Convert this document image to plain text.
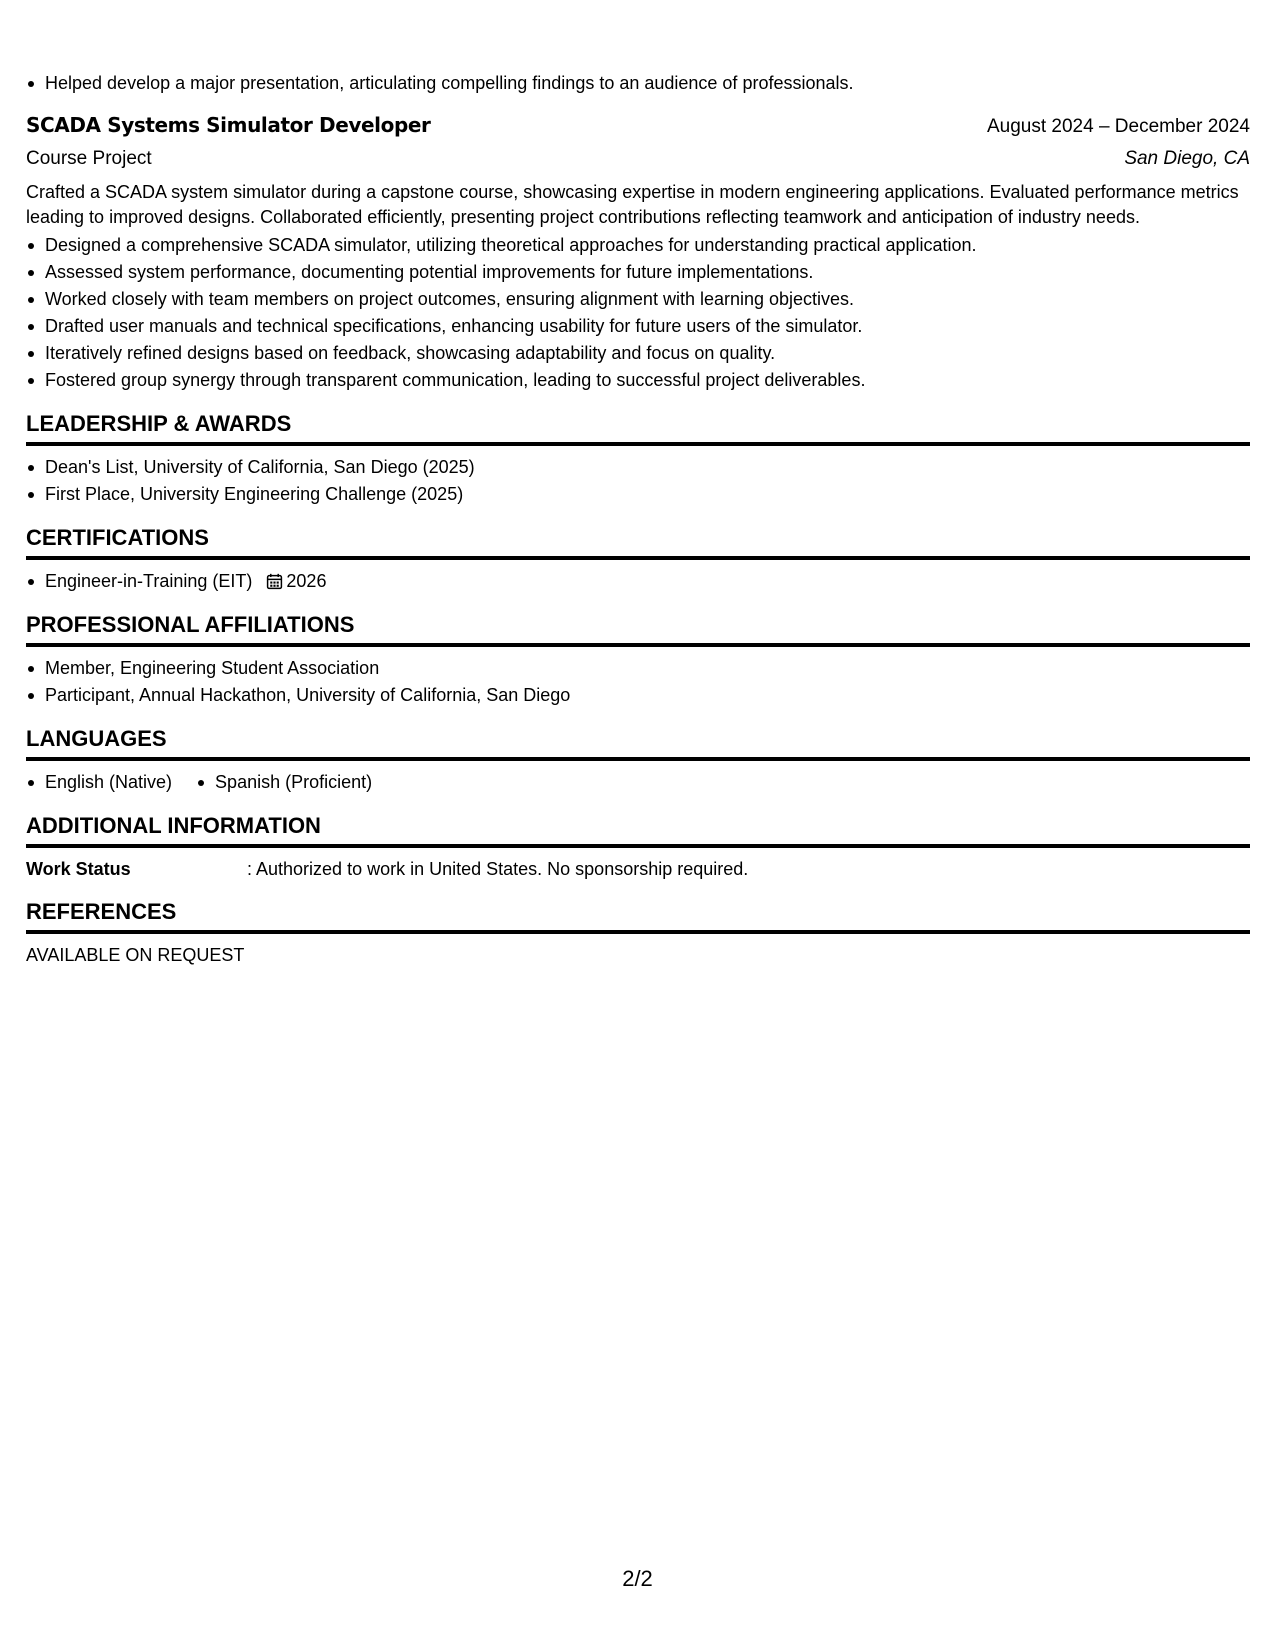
Helped develop a major presentation, articulating compelling findings to an audience of professionals.
SCADA Systems Simulator Developer	August 2024 – December 2024
Course Project	San Diego, CA
Crafted a SCADA system simulator during a capstone course, showcasing expertise in modern engineering applications. Evaluated performance metrics leading to improved designs. Collaborated efficiently, presenting project contributions reflecting teamwork and anticipation of industry needs.
Designed a comprehensive SCADA simulator, utilizing theoretical approaches for understanding practical application.
Assessed system performance, documenting potential improvements for future implementations.
Worked closely with team members on project outcomes, ensuring alignment with learning objectives.
Drafted user manuals and technical specifications, enhancing usability for future users of the simulator.
Iteratively refined designs based on feedback, showcasing adaptability and focus on quality.
Fostered group synergy through transparent communication, leading to successful project deliverables.
LEADERSHIP & AWARDS
Dean's List, University of California, San Diego (2025)
First Place, University Engineering Challenge (2025)
CERTIFICATIONS
Engineer-in-Training (EIT) 2026
PROFESSIONAL AFFILIATIONS
Member, Engineering Student Association
Participant, Annual Hackathon, University of California, San Diego
LANGUAGES
English (Native)	Spanish (Proficient)
ADDITIONAL INFORMATION
Work Status	: Authorized to work in United States. No sponsorship required.
REFERENCES
AVAILABLE ON REQUEST
2/2
